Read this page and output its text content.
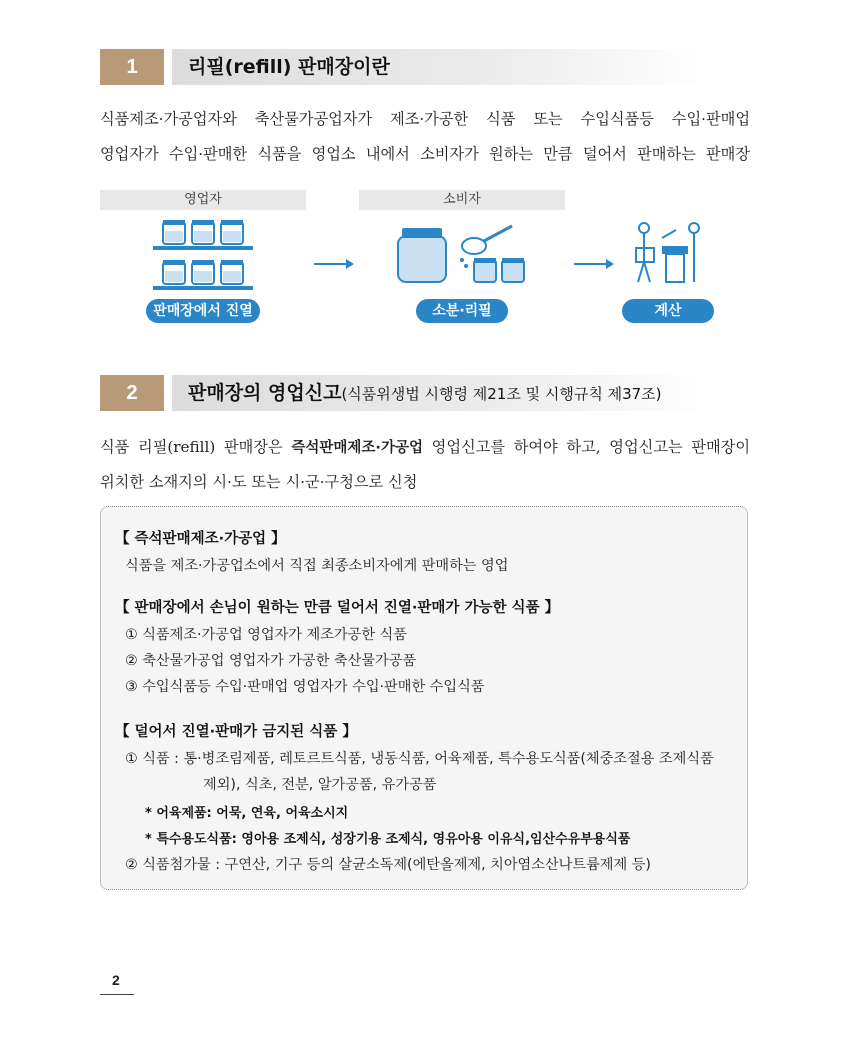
1	리필(refill) 판매장이란
식품제조·가공업자와 축산물가공업자가 제조·가공한 식품 또는 수입식품등 수입·판매업
영업자가 수입·판매한 식품을 영업소 내에서 소비자가 원하는 만큼 덜어서 판매하는 판매장
영업자	소비자
판매장에서 진열	소분·리필	계산
2	판매장의 영업신고(식품위생법 시행령 제21조 및 시행규칙 제37조)
식품 리필(refill) 판매장은 즉석판매제조·가공업 영업신고를 하여야 하고, 영업신고는 판매장이
위치한 소재지의 시·도 또는 시·군·구청으로 신청
【 즉석판매제조·가공업 】
식품을 제조·가공업소에서 직접 최종소비자에게 판매하는 영업
【 판매장에서 손님이 원하는 만큼 덜어서 진열·판매가 가능한 식품 】
① 식품제조·가공업 영업자가 제조가공한 식품
② 축산물가공업 영업자가 가공한 축산물가공품
③ 수입식품등 수입·판매업 영업자가 수입·판매한 수입식품
【 덜어서 진열·판매가 금지된 식품 】
① 식품 : 통·병조림제품, 레토르트식품, 냉동식품, 어육제품, 특수용도식품(체중조절용 조제식품
제외), 식초, 전분, 알가공품, 유가공품
* 어육제품: 어묵, 연육, 어육소시지
* 특수용도식품: 영아용 조제식, 성장기용 조제식, 영유아용 이유식,임산수유부용식품
② 식품첨가물 : 구연산, 기구 등의 살균소독제(에탄올제제, 치아염소산나트륨제제 등)
2
